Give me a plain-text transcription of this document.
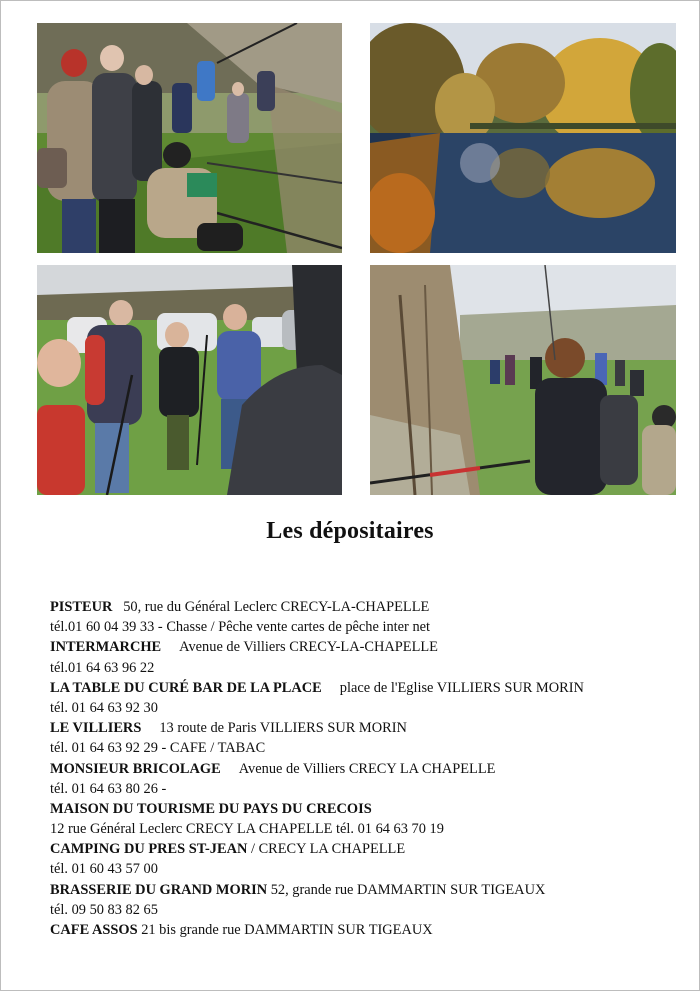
Les dépositaires
PISTEUR 50, rue du Général Leclerc CRECY-LA-CHAPELLE
tél.01 60 04 39 33 - Chasse / Pêche vente cartes de pêche inter net
INTERMARCHE Avenue de Villiers CRECY-LA-CHAPELLE
tél.01 64 63 96 22
LA TABLE DU CURÉ BAR DE LA PLACE place de l'Eglise VILLIERS SUR MORIN
tél. 01 64 63 92 30
LE VILLIERS 13 route de Paris VILLIERS SUR MORIN
tél. 01 64 63 92 29 - CAFE / TABAC
MONSIEUR BRICOLAGE Avenue de Villiers CRECY LA CHAPELLE
tél. 01 64 63 80 26 -
MAISON DU TOURISME DU PAYS DU CRECOIS
12 rue Général Leclerc CRECY LA CHAPELLE tél. 01 64 63 70 19
CAMPING DU PRES ST-JEAN / CRECY LA CHAPELLE
tél. 01 60 43 57 00
BRASSERIE DU GRAND MORIN 52, grande rue DAMMARTIN SUR TIGEAUX
tél. 09 50 83 82 65
CAFE ASSOS 21 bis grande rue DAMMARTIN SUR TIGEAUX
